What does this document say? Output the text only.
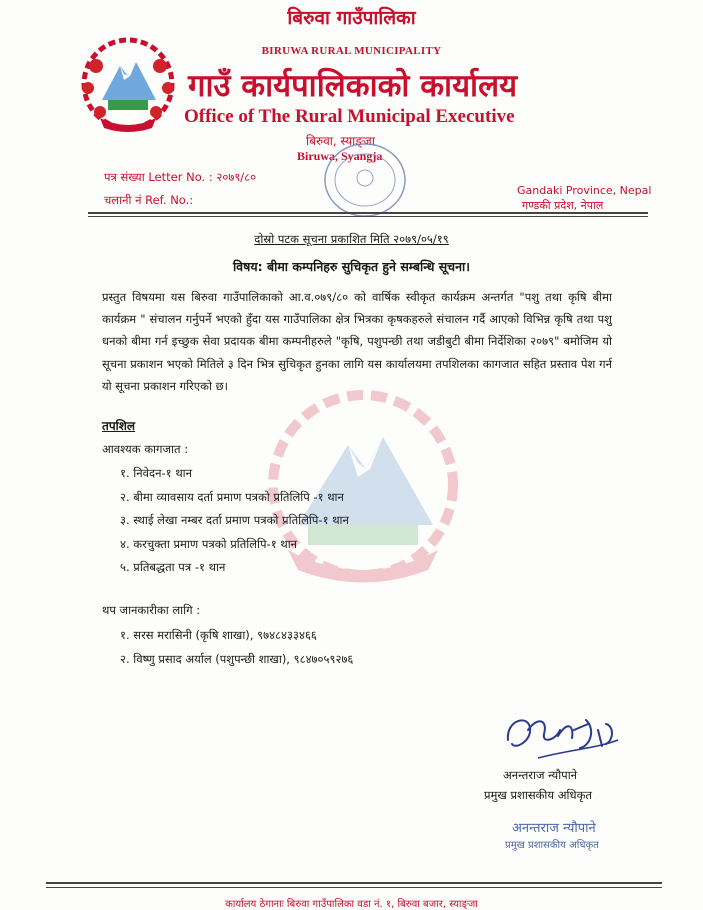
बिरुवा गाउँपालिका
BIRUWA RURAL MUNICIPALITY
गाउँ कार्यपालिकाको कार्यालय
Office of The Rural Municipal Executive
बिरुवा, स्याङ्जा
Biruwa, Syangja
पत्र संख्या Letter No. : २०७९/८०
चलानी नं Ref. No.:
Gandaki Province, Nepal
गण्डकी प्रदेश, नेपाल
दोस्रो पटक सूचना प्रकाशित मिति २०७९/०५/१९
विषय: बीमा कम्पनिहरु सुचिकृत हुने सम्बन्धि सूचना।
प्रस्तुत विषयमा यस बिरुवा गाउँपालिकाको आ.व.०७९/८० को वार्षिक स्वीकृत कार्यक्रम अन्तर्गत "पशु तथा कृषि बीमा कार्यक्रम " संचालन गर्नुपर्ने भएको हुँदा यस गाउँपालिका क्षेत्र भित्रका कृषकहरुले संचालन गर्दै आएको विभिन्न कृषि तथा पशु धनको बीमा गर्न इच्छुक सेवा प्रदायक बीमा कम्पनीहरुले "कृषि, पशुपन्छी तथा जडीबुटी बीमा निर्देशिका २०७९" बमोजिम यो सूचना प्रकाशन भएको मितिले ३ दिन भित्र सुचिकृत हुनका लागि यस कार्यालयमा तपशिलका कागजात सहित प्रस्ताव पेश गर्न यो सूचना प्रकाशन गरिएको छ।
तपशिल
आवश्यक कागजात :
१. निवेदन-१ थान
२. बीमा व्यावसाय दर्ता प्रमाण पत्रको प्रतिलिपि -१ थान
३. स्थाई लेखा नम्बर दर्ता प्रमाण पत्रको प्रतिलिपि-१ थान
४. करचुक्ता प्रमाण पत्रको प्रतिलिपि-१ थान
५. प्रतिबद्धता पत्र -१ थान
थप जानकारीका लागि :
१. सरस मरासिनी (कृषि शाखा), ९७४८४३३४६६
२. विष्णु प्रसाद अर्याल (पशुपन्छी शाखा), ९८४७०५९२७६
अनन्तराज न्यौपाने
प्रमुख प्रशासकीय अधिकृत
अनन्तराज न्यौपाने
प्रमुख प्रशासकीय अधिकृत
कार्यालय ठेगानाः बिरुवा गाउँपालिका वडा नं. १, बिरुवा बजार, स्याङ्जा
